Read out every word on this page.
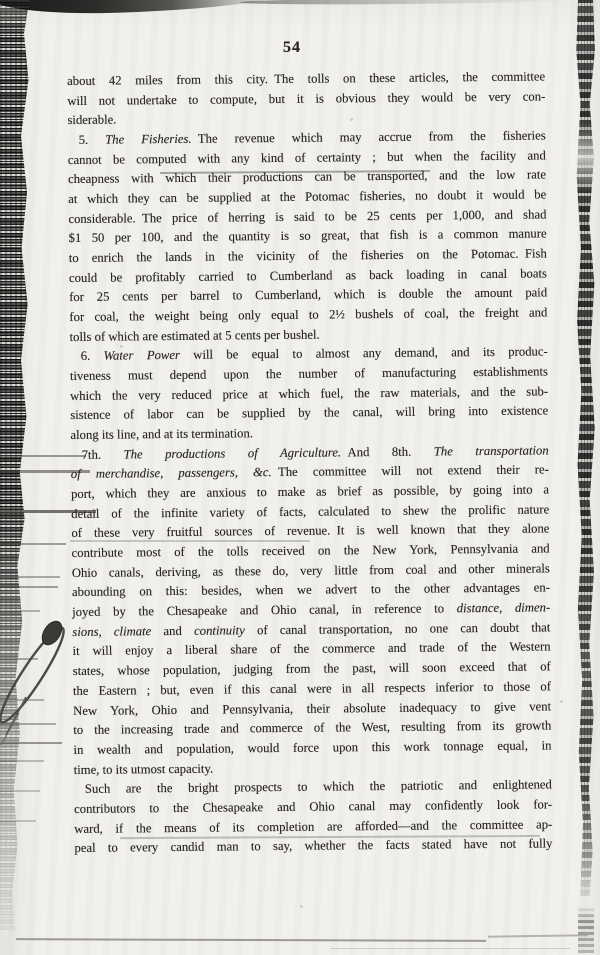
54
about 42 miles from this city. The tolls on these articles, the committee
will not undertake to compute, but it is obvious they would be very con-
siderable.
5. The Fisheries. The revenue which may accrue from the fisheries
cannot be computed with any kind of certainty ; but when the facility and
cheapness with which their productions can be transported, and the low rate
at which they can be supplied at the Potomac fisheries, no doubt it would be
considerable. The price of herring is said to be 25 cents per 1,000, and shad
$1 50 per 100, and the quantity is so great, that fish is a common manure
to enrich the lands in the vicinity of the fisheries on the Potomac. Fish
could be profitably carried to Cumberland as back loading in canal boats
for 25 cents per barrel to Cumberland, which is double the amount paid
for coal, the weight being only equal to 2½ bushels of coal, the freight and
tolls of which are estimated at 5 cents per bushel.
6. Water Power will be equal to almost any demand, and its produc-
tiveness must depend upon the number of manufacturing establishments
which the very reduced price at which fuel, the raw materials, and the sub-
sistence of labor can be supplied by the canal, will bring into existence
along its line, and at its termination.
7th. The productions of Agriculture. And 8th. The transportation
of merchandise, passengers, &c. The committee will not extend their re-
port, which they are anxious to make as brief as possible, by going into a
detail of the infinite variety of facts, calculated to shew the prolific nature
of these very fruitful sources of revenue. It is well known that they alone
contribute most of the tolls received on the New York, Pennsylvania and
Ohio canals, deriving, as these do, very little from coal and other minerals
abounding on this: besides, when we advert to the other advantages en-
joyed by the Chesapeake and Ohio canal, in reference to distance, dimen-
sions, climate and continuity of canal transportation, no one can doubt that
it will enjoy a liberal share of the commerce and trade of the Western
states, whose population, judging from the past, will soon exceed that of
the Eastern ; but, even if this canal were in all respects inferior to those of
New York, Ohio and Pennsylvania, their absolute inadequacy to give vent
to the increasing trade and commerce of the West, resulting from its growth
in wealth and population, would force upon this work tonnage equal, in
time, to its utmost capacity.
Such are the bright prospects to which the patriotic and enlightened
contributors to the Chesapeake and Ohio canal may confidently look for-
ward, if the means of its completion are afforded—and the committee ap-
peal to every candid man to say, whether the facts stated have not fully
